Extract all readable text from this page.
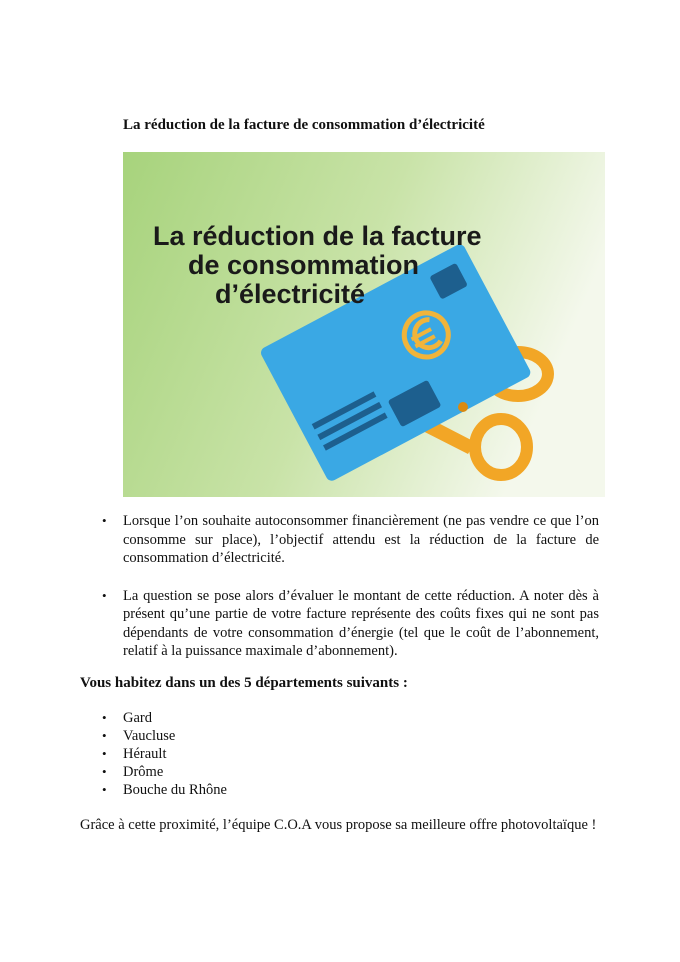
La réduction de la facture de consommation d’électricité
La réduction de la facture
de consommation
d’électricité
• Lorsque l’on souhaite autoconsommer financièrement (ne pas vendre ce que l’on consomme sur place), l’objectif attendu est la réduction de la facture de consommation d’électricité.
• La question se pose alors d’évaluer le montant de cette réduction. A noter dès à présent qu’une partie de votre facture représente des coûts fixes qui ne sont pas dépendants de votre consommation d’énergie (tel que le coût de l’abonnement, relatif à la puissance maximale d’abonnement).
Vous habitez dans un des 5 départements suivants :
• Gard
• Vaucluse
• Hérault
• Drôme
• Bouche du Rhône
Grâce à cette proximité, l’équipe C.O.A vous propose sa meilleure offre photovoltaïque !
